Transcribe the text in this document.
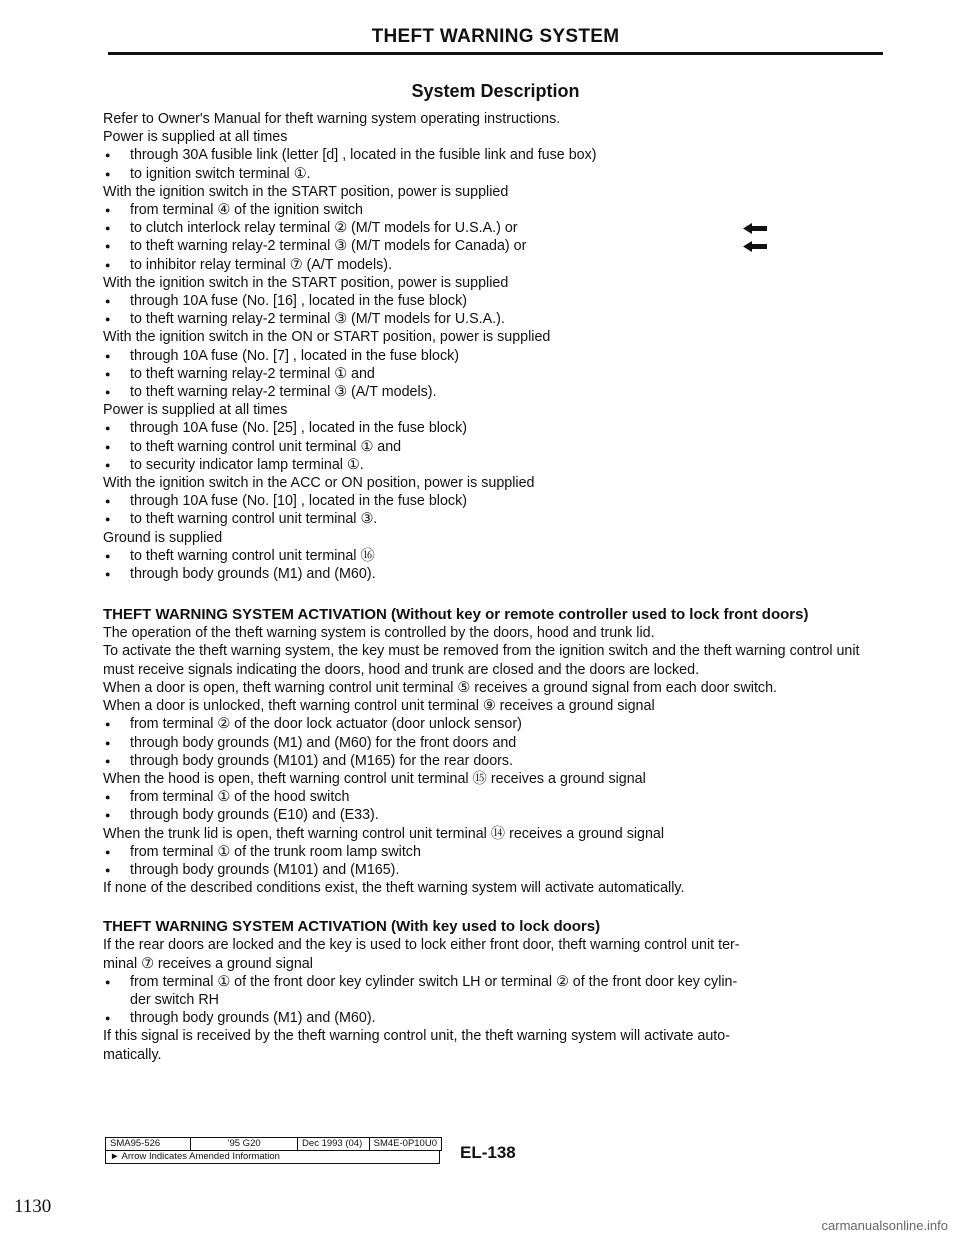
THEFT WARNING SYSTEM

System Description

Refer to Owner's Manual for theft warning system operating instructions.

Power is supplied at all times

● through 30A fusible link (letter [d] , located in the fusible link and fuse box)

● to ignition switch terminal ①.

With the ignition switch in the START position, power is supplied

● from terminal ④ of the ignition switch

● to clutch interlock relay terminal ② (M/T models for U.S.A.) or

● to theft warning relay-2 terminal ③ (M/T models for Canada) or

● to inhibitor relay terminal ⑦ (A/T models).

With the ignition switch in the START position, power is supplied

● through 10A fuse (No. [16] , located in the fuse block)

● to theft warning relay-2 terminal ③ (M/T models for U.S.A.).

With the ignition switch in the ON or START position, power is supplied

● through 10A fuse (No. [7] , located in the fuse block)

● to theft warning relay-2 terminal ① and

● to theft warning relay-2 terminal ③ (A/T models).

Power is supplied at all times

● through 10A fuse (No. [25] , located in the fuse block)

● to theft warning control unit terminal ① and

● to security indicator lamp terminal ①.

With the ignition switch in the ACC or ON position, power is supplied

● through 10A fuse (No. [10] , located in the fuse block)

● to theft warning control unit terminal ③.

Ground is supplied

● to theft warning control unit terminal ⑯

● through body grounds (M1) and (M60).

THEFT WARNING SYSTEM ACTIVATION (Without key or remote controller used to lock front doors)

The operation of the theft warning system is controlled by the doors, hood and trunk lid.

To activate the theft warning system, the key must be removed from the ignition switch and the theft warning control unit must receive signals indicating the doors, hood and trunk are closed and the doors are locked.

When a door is open, theft warning control unit terminal ⑤ receives a ground signal from each door switch.

When a door is unlocked, theft warning control unit terminal ⑨ receives a ground signal

● from terminal ② of the door lock actuator (door unlock sensor)

● through body grounds (M1) and (M60) for the front doors and

● through body grounds (M101) and (M165) for the rear doors.

When the hood is open, theft warning control unit terminal ⑮ receives a ground signal

● from terminal ① of the hood switch

● through body grounds (E10) and (E33).

When the trunk lid is open, theft warning control unit terminal ⑭ receives a ground signal

● from terminal ① of the trunk room lamp switch

● through body grounds (M101) and (M165).

If none of the described conditions exist, the theft warning system will activate automatically.

THEFT WARNING SYSTEM ACTIVATION (With key used to lock doors)

If the rear doors are locked and the key is used to lock either front door, theft warning control unit ter-

minal ⑦ receives a ground signal

● from terminal ① of the front door key cylinder switch LH or terminal ② of the front door key cylin-

der switch RH

● through body grounds (M1) and (M60).

If this signal is received by the theft warning control unit, the theft warning system will activate auto-

matically.

SMA95-526	'95 G20	Dec 1993 (04)	SM4E-0P10U0
► Arrow Indicates Amended Information	EL-138
1130
carmanualsonline.info
